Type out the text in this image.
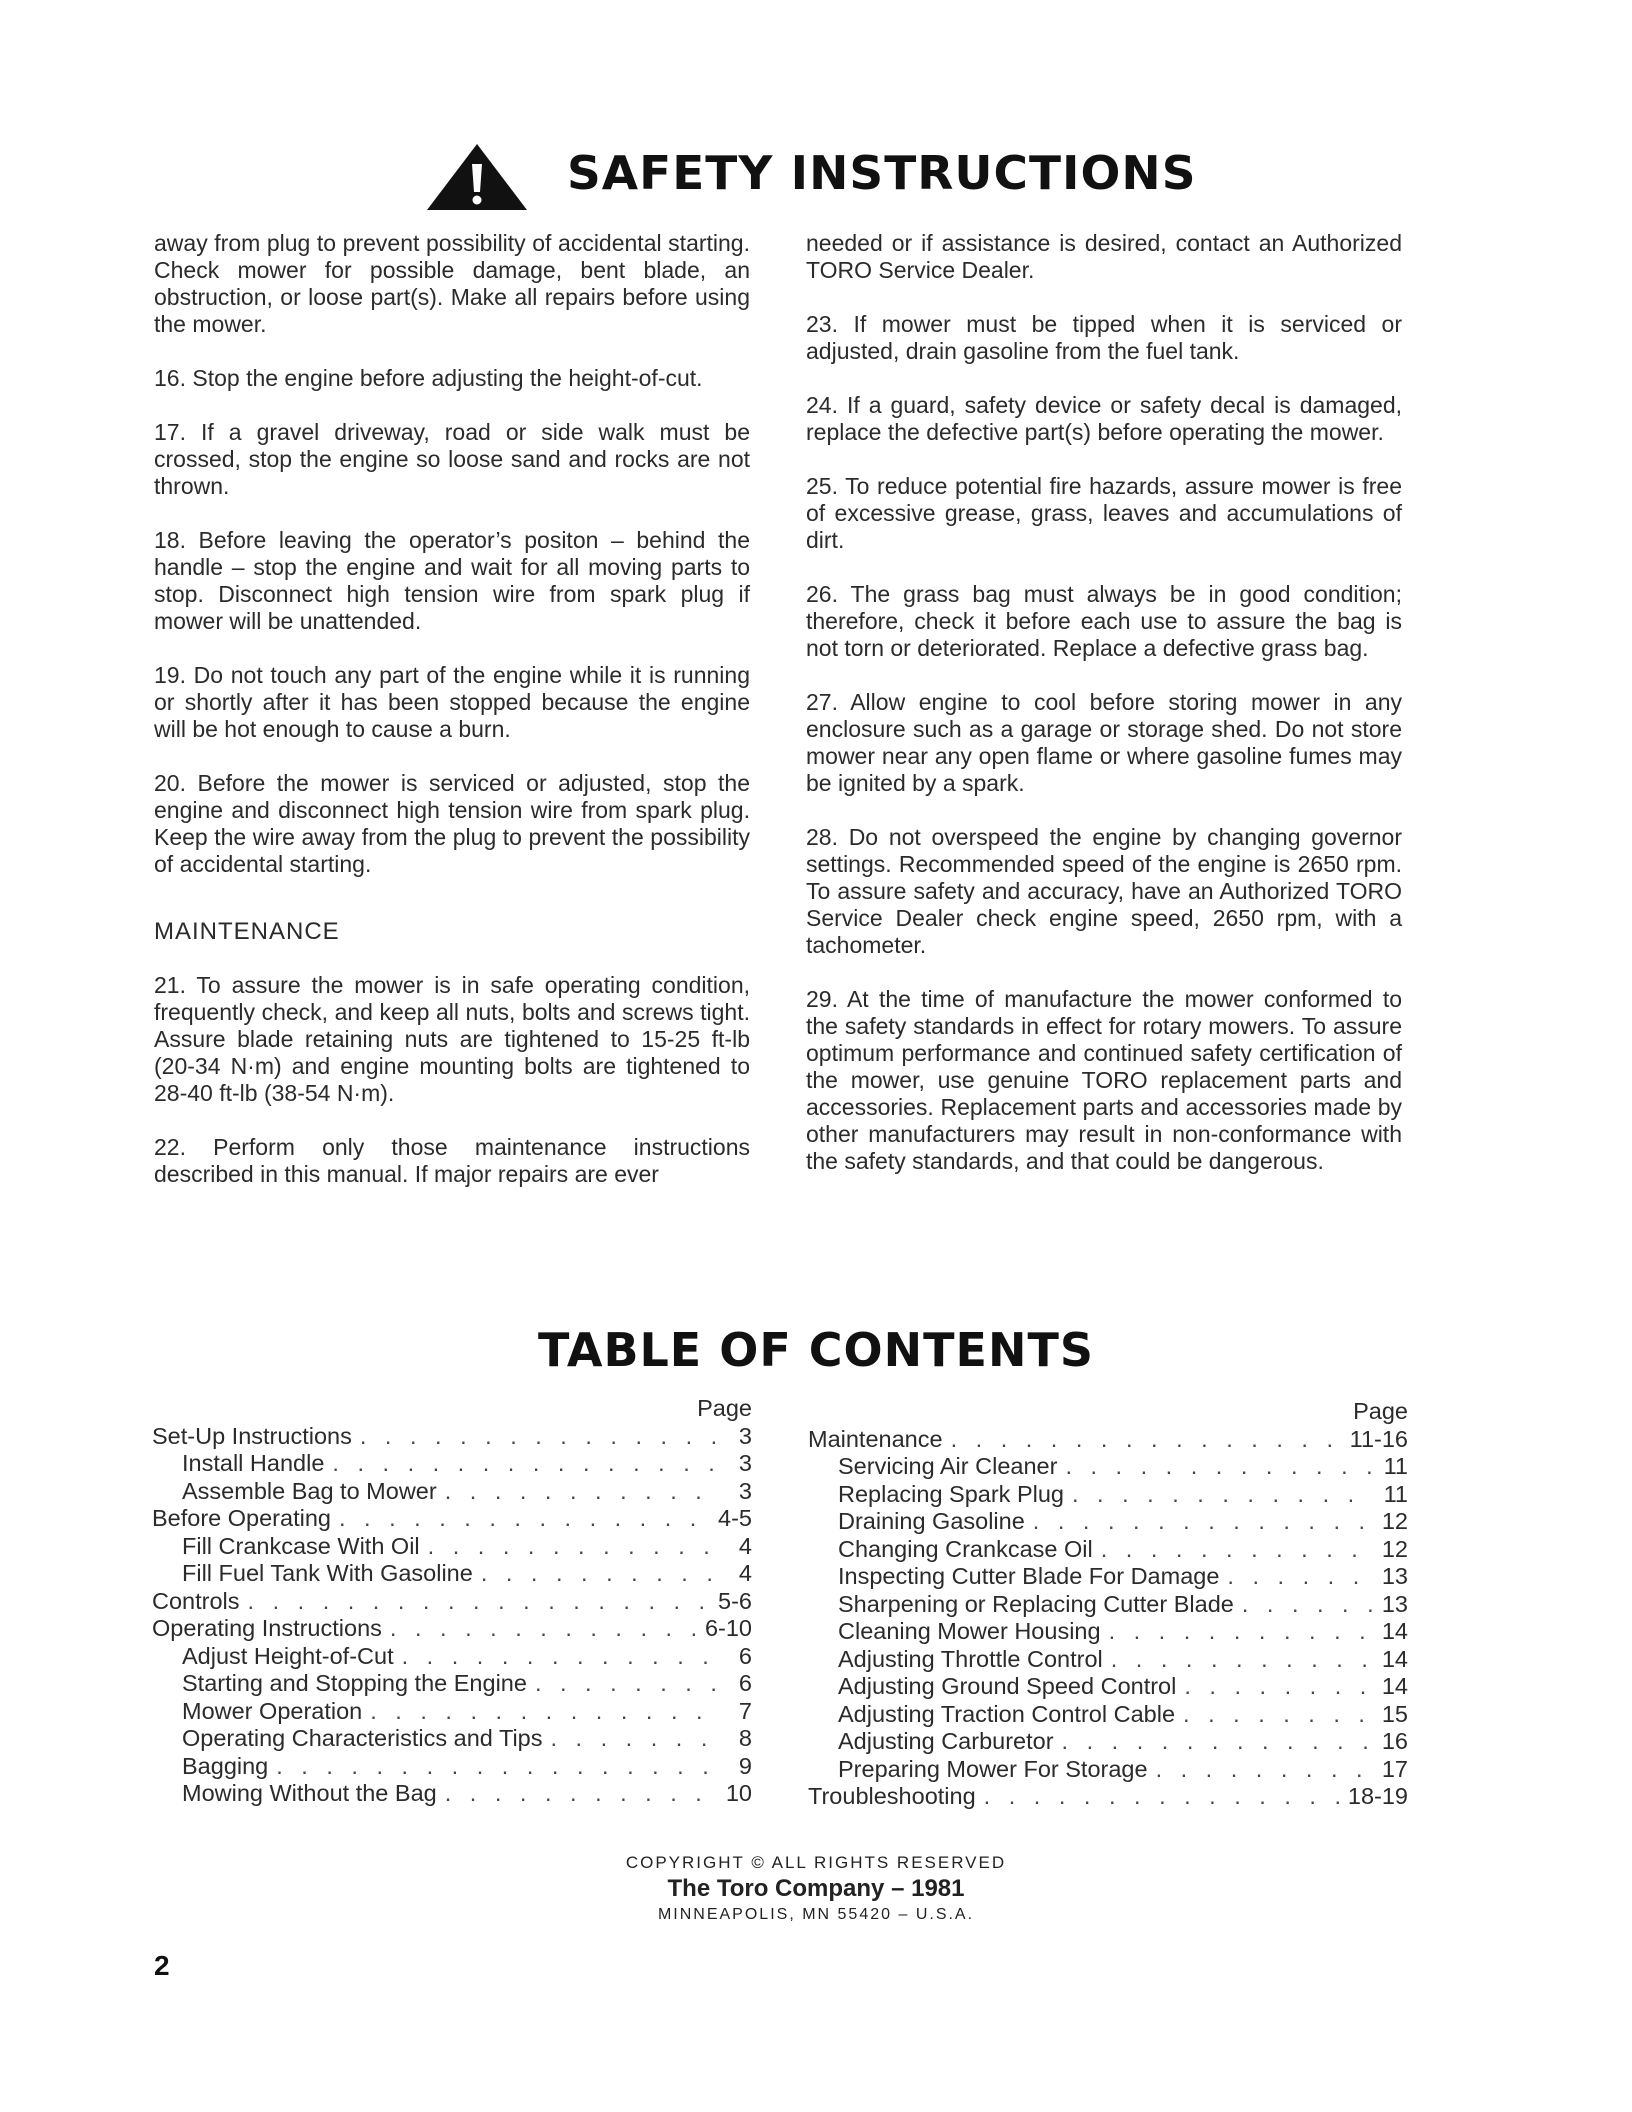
SAFETY INSTRUCTIONS

away from plug to prevent possibility of accidental starting. Check mower for possible damage, bent blade, an obstruction, or loose part(s). Make all repairs before using the mower.

16. Stop the engine before adjusting the height-of-cut.

17. If a gravel driveway, road or side walk must be crossed, stop the engine so loose sand and rocks are not thrown.

18. Before leaving the operator’s positon – behind the handle – stop the engine and wait for all moving parts to stop. Disconnect high tension wire from spark plug if mower will be unattended.

19. Do not touch any part of the engine while it is running or shortly after it has been stopped because the engine will be hot enough to cause a burn.

20. Before the mower is serviced or adjusted, stop the engine and disconnect high tension wire from spark plug. Keep the wire away from the plug to prevent the possibility of accidental starting.

MAINTENANCE

21. To assure the mower is in safe operating condition, frequently check, and keep all nuts, bolts and screws tight. Assure blade retaining nuts are tightened to 15-25 ft-lb (20-34 N·m) and engine mounting bolts are tightened to 28-40 ft-lb (38-54 N·m).

22. Perform only those maintenance instructions described in this manual. If major repairs are ever

needed or if assistance is desired, contact an Authorized TORO Service Dealer.

23. If mower must be tipped when it is serviced or adjusted, drain gasoline from the fuel tank.

24. If a guard, safety device or safety decal is damaged, replace the defective part(s) before operating the mower.

25. To reduce potential fire hazards, assure mower is free of excessive grease, grass, leaves and accumulations of dirt.

26. The grass bag must always be in good condition; therefore, check it before each use to assure the bag is not torn or deteriorated. Replace a defective grass bag.

27. Allow engine to cool before storing mower in any enclosure such as a garage or storage shed. Do not store mower near any open flame or where gasoline fumes may be ignited by a spark.

28. Do not overspeed the engine by changing governor settings. Recommended speed of the engine is 2650 rpm. To assure safety and accuracy, have an Authorized TORO Service Dealer check engine speed, 2650 rpm, with a tachometer.

29. At the time of manufacture the mower conformed to the safety standards in effect for rotary mowers. To assure optimum performance and continued safety certification of the mower, use genuine TORO replacement parts and accessories. Replacement parts and accessories made by other manufacturers may result in non-conformance with the safety standards, and that could be dangerous.

TABLE OF CONTENTS
Page
Set-Up Instructions . . .	3
Install Handle . . .	3
Assemble Bag to Mower . . .	3
Before Operating . . .	4-5
Fill Crankcase With Oil . . .	4
Fill Fuel Tank With Gasoline . . .	4
Controls . . .	5-6
Operating Instructions . . .	6-10
Adjust Height-of-Cut . . .	6
Starting and Stopping the Engine . . .	6
Mower Operation . . .	7
Operating Characteristics and Tips . . .	8
Bagging . . .	9
Mowing Without the Bag . . .	10
Page
Maintenance . . .	11-16
Servicing Air Cleaner . . .	11
Replacing Spark Plug . . .	11
Draining Gasoline . . .	12
Changing Crankcase Oil . . .	12
Inspecting Cutter Blade For Damage . . .	13
Sharpening or Replacing Cutter Blade . . .	13
Cleaning Mower Housing . . .	14
Adjusting Throttle Control . . .	14
Adjusting Ground Speed Control . . .	14
Adjusting Traction Control Cable . . .	15
Adjusting Carburetor . . .	16
Preparing Mower For Storage . . .	17
Troubleshooting . . .	18-19
COPYRIGHT © ALL RIGHTS RESERVED
The Toro Company – 1981
MINNEAPOLIS, MN 55420 – U.S.A.
2
